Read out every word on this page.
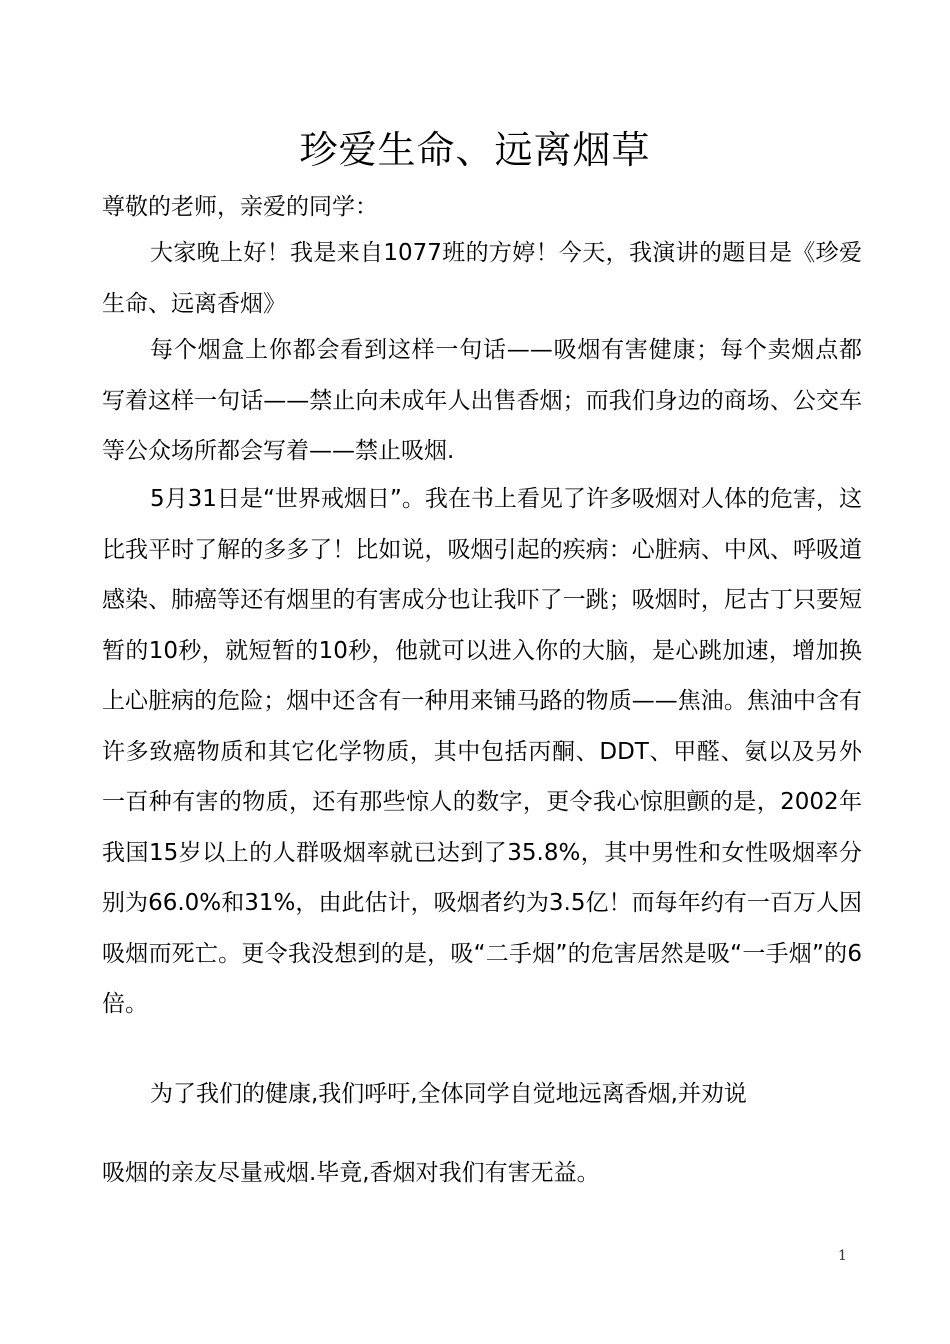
珍爱生命、远离烟草
尊敬的老师，亲爱的同学：

大家晚上好！我是来自1077班的方婷！今天，我演讲的题目是《珍爱生命、远离香烟》

每个烟盒上你都会看到这样一句话——吸烟有害健康；每个卖烟点都写着这样一句话——禁止向未成年人出售香烟；而我们身边的商场、公交车等公众场所都会写着——禁止吸烟.

5月31日是“世界戒烟日”。我在书上看见了许多吸烟对人体的危害，这比我平时了解的多多了！比如说，吸烟引起的疾病：心脏病、中风、呼吸道感染、肺癌等还有烟里的有害成分也让我吓了一跳；吸烟时，尼古丁只要短暂的10秒，就短暂的10秒，他就可以进入你的大脑，是心跳加速，增加换上心脏病的危险；烟中还含有一种用来铺马路的物质——焦油。焦油中含有许多致癌物质和其它化学物质，其中包括丙酮、DDT、甲醛、氨以及另外一百种有害的物质，还有那些惊人的数字，更令我心惊胆颤的是，2002年我国15岁以上的人群吸烟率就已达到了35.8%，其中男性和女性吸烟率分别为66.0%和31%，由此估计，吸烟者约为3.5亿！而每年约有一百万人因吸烟而死亡。更令我没想到的是，吸“二手烟”的危害居然是吸“一手烟”的6倍。

为了我们的健康,我们呼吁,全体同学自觉地远离香烟,并劝说

吸烟的亲友尽量戒烟.毕竟,香烟对我们有害无益。

1
